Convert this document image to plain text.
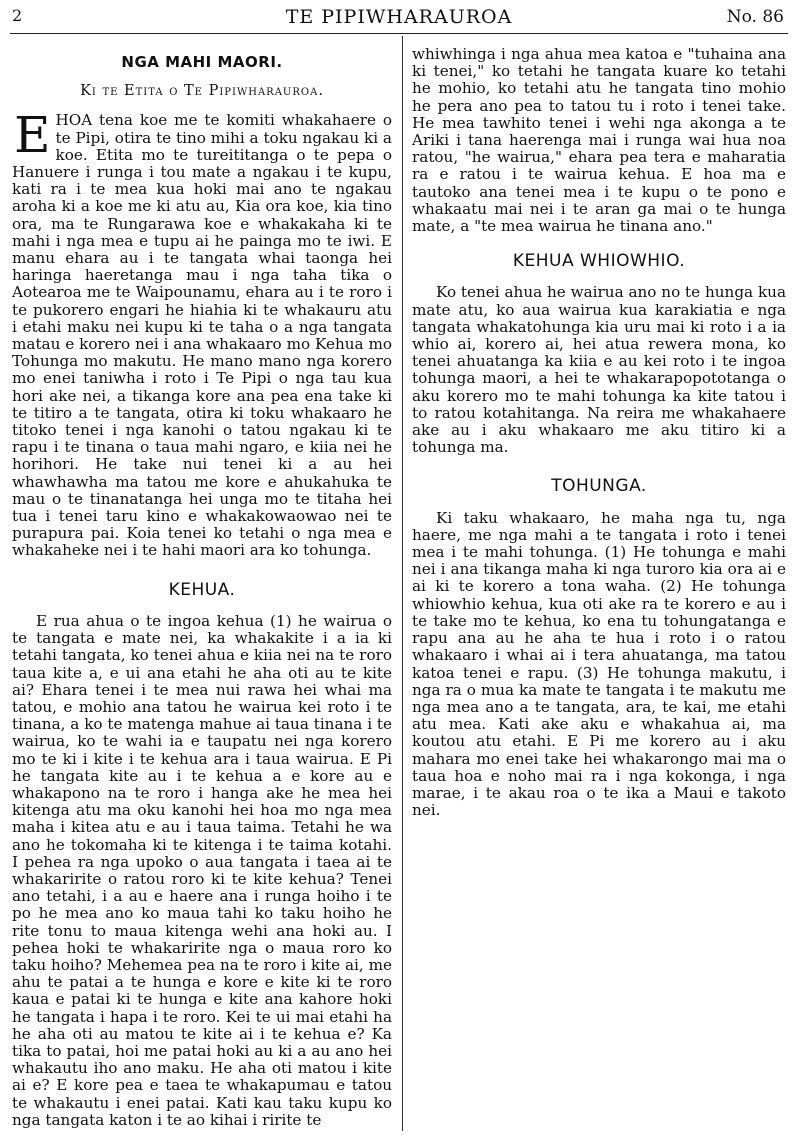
2	TE PIPIWHARAUROA	No. 86
NGA MAHI MAORI.
Ki te Etita o Te Pipiwharauroa.

EHOA tena koe me te komiti whakahaere o te Pipi, otira te tino mihi a toku ngakau ki a koe. Etita mo te tureititanga o te pepa o Hanuere i runga i tou mate a ngakau i te kupu, kati ra i te mea kua hoki mai ano te ngakau aroha ki a koe me ki atu au, Kia ora koe, kia tino ora, ma te Rungarawa koe e whakakaha ki te mahi i nga mea e tupu ai he painga mo te iwi. E manu ehara au i te tangata whai taonga hei haringa haeretanga mau i nga taha tika o Aotearoa me te Waipounamu, ehara au i te roro i te pukorero engari he hiahia ki te whakauru atu i etahi maku nei kupu ki te taha o a nga tangata matau e korero nei i ana whakaaro mo Kehua mo Tohunga mo makutu. He mano mano nga korero mo enei taniwha i roto i Te Pipi o nga tau kua hori ake nei, a tikanga kore ana pea ena take ki te titiro a te tangata, otira ki toku whakaaro he titoko tenei i nga kanohi o tatou ngakau ki te rapu i te tinana o taua mahi ngaro, e kiia nei he horihori. He take nui tenei ki a au hei whawhawha ma tatou me kore e ahukahuka te mau o te tinanatanga hei unga mo te titaha hei tua i tenei taru kino e whakakowaowao nei te purapura pai. Koia tenei ko tetahi o nga mea e whakaheke nei i te hahi maori ara ko tohunga.

KEHUA.

E rua ahua o te ingoa kehua (1) he wairua o te tangata e mate nei, ka whakakite i a ia ki tetahi tangata, ko tenei ahua e kiia nei na te roro taua kite a, e ui ana etahi he aha oti au te kite ai? Ehara tenei i te mea nui rawa hei whai ma tatou, e mohio ana tatou he wairua kei roto i te tinana, a ko te matenga mahue ai taua tinana i te wairua, ko te wahi ia e taupatu nei nga korero mo te ki i kite i te kehua ara i taua wairua. E Pi he tangata kite au i te kehua a e kore au e whakapono na te roro i hanga ake he mea hei kitenga atu ma oku kanohi hei hoa mo nga mea maha i kitea atu e au i taua taima. Tetahi he wa ano he tokomaha ki te kitenga i te taima kotahi. I pehea ra nga upoko o aua tangata i taea ai te whakaririte o ratou roro ki te kite kehua? Tenei ano tetahi, i a au e haere ana i runga hoiho i te po he mea ano ko maua tahi ko taku hoiho he rite tonu to maua kitenga wehi ana hoki au. I pehea hoki te whakaririte nga o maua roro ko taku hoiho? Mehemea pea na te roro i kite ai, me ahu te patai a te hunga e kore e kite ki te roro kaua e patai ki te hunga e kite ana kahore hoki he tangata i hapa i te roro. Kei te ui mai etahi ha he aha oti au matou te kite ai i te kehua e? Ka tika to patai, hoi me patai hoki au ki a au ano hei whakautu iho ano maku. He aha oti matou i kite ai e? E kore pea e taea te whakapumau e tatou te whakautu i enei patai. Kati kau taku kupu ko nga tangata katon i te ao kihai i ririte te

whiwhinga i nga ahua mea katoa e "tuhaina ana ki tenei," ko tetahi he tangata kuare ko tetahi he mohio, ko tetahi atu he tangata tino mohio he pera ano pea to tatou tu i roto i tenei take. He mea tawhito tenei i wehi nga akonga a te Ariki i tana haerenga mai i runga wai hua noa ratou, "he wairua," ehara pea tera e maharatia ra e ratou i te wairua kehua. E hoa ma e tautoko ana tenei mea i te kupu o te pono e whakaatu mai nei i te aran ga mai o te hunga mate, a "te mea wairua he tinana ano."

KEHUA WHIOWHIO.

Ko tenei ahua he wairua ano no te hunga kua mate atu, ko aua wairua kua karakiatia e nga tangata whakatohunga kia uru mai ki roto i a ia whio ai, korero ai, hei atua rewera mona, ko tenei ahuatanga ka kiia e au kei roto i te ingoa tohunga maori, a hei te whakarapopototanga o aku korero mo te mahi tohunga ka kite tatou i to ratou kotahitanga. Na reira me whakahaere ake au i aku whakaaro me aku titiro ki a tohunga ma.

TOHUNGA.

Ki taku whakaaro, he maha nga tu, nga haere, me nga mahi a te tangata i roto i tenei mea i te mahi tohunga. (1) He tohunga e mahi nei i ana tikanga maha ki nga turoro kia ora ai e ai ki te korero a tona waha. (2) He tohunga whiowhio kehua, kua oti ake ra te korero e au i te take mo te kehua, ko ena tu tohungatanga e rapu ana au he aha te hua i roto i o ratou whakaaro i whai ai i tera ahuatanga, ma tatou katoa tenei e rapu. (3) He tohunga makutu, i nga ra o mua ka mate te tangata i te makutu me nga mea ano a te tangata, ara, te kai, me etahi atu mea. Kati ake aku e whakahua ai, ma koutou atu etahi. E Pi me korero au i aku mahara mo enei take hei whakarongo mai ma o taua hoa e noho mai ra i nga kokonga, i nga marae, i te akau roa o te ika a Maui e takoto nei.
